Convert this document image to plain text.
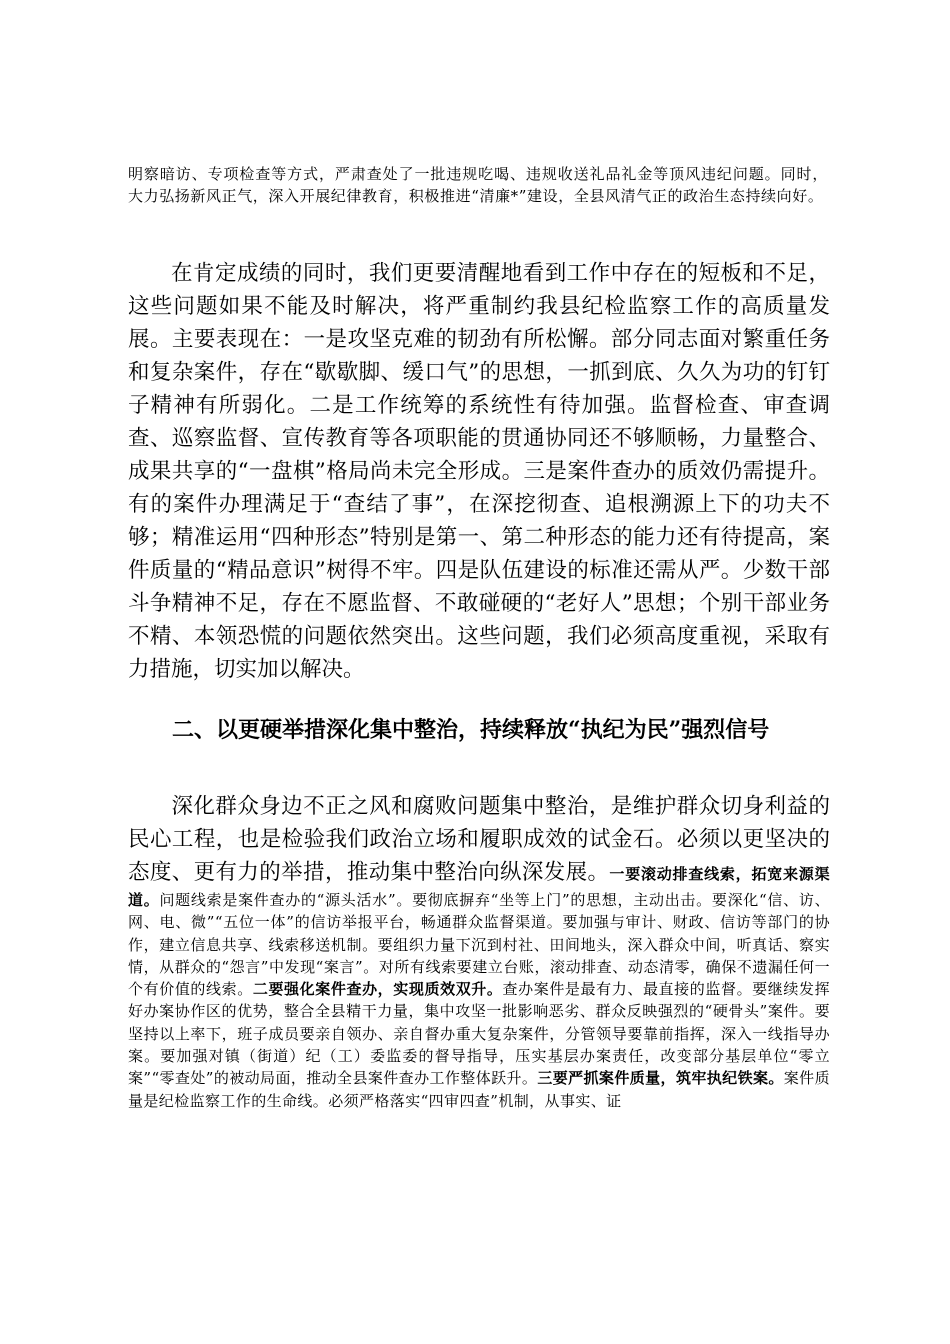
明察暗访、专项检查等方式，严肃查处了一批违规吃喝、违规收送礼品礼金等顶风违纪问题。同时，大力弘扬新风正气，深入开展纪律教育，积极推进“清廉*”建设，全县风清气正的政治生态持续向好。

在肯定成绩的同时，我们更要清醒地看到工作中存在的短板和不足，这些问题如果不能及时解决，将严重制约我县纪检监察工作的高质量发展。主要表现在：一是攻坚克难的韧劲有所松懈。部分同志面对繁重任务和复杂案件，存在“歇歇脚、缓口气”的思想，一抓到底、久久为功的钉钉子精神有所弱化。二是工作统筹的系统性有待加强。监督检查、审查调查、巡察监督、宣传教育等各项职能的贯通协同还不够顺畅，力量整合、成果共享的“一盘棋”格局尚未完全形成。三是案件查办的质效仍需提升。有的案件办理满足于“查结了事”，在深挖彻查、追根溯源上下的功夫不够；精准运用“四种形态”特别是第一、第二种形态的能力还有待提高，案件质量的“精品意识”树得不牢。四是队伍建设的标准还需从严。少数干部斗争精神不足，存在不愿监督、不敢碰硬的“老好人”思想；个别干部业务不精、本领恐慌的问题依然突出。这些问题，我们必须高度重视，采取有力措施，切实加以解决。

二、以更硬举措深化集中整治，持续释放“执纪为民”强烈信号

深化群众身边不正之风和腐败问题集中整治，是维护群众切身利益的民心工程，也是检验我们政治立场和履职成效的试金石。必须以更坚决的态度、更有力的举措，推动集中整治向纵深发展。一要滚动排查线索，拓宽来源渠道。问题线索是案件查办的“源头活水”。要彻底摒弃“坐等上门”的思想，主动出击。要深化“信、访、网、电、微”“五位一体”的信访举报平台，畅通群众监督渠道。要加强与审计、财政、信访等部门的协作，建立信息共享、线索移送机制。要组织力量下沉到村社、田间地头，深入群众中间，听真话、察实情，从群众的“怨言”中发现“案言”。对所有线索要建立台账，滚动排查、动态清零，确保不遗漏任何一个有价值的线索。二要强化案件查办，实现质效双升。查办案件是最有力、最直接的监督。要继续发挥好办案协作区的优势，整合全县精干力量，集中攻坚一批影响恶劣、群众反映强烈的“硬骨头”案件。要坚持以上率下，班子成员要亲自领办、亲自督办重大复杂案件，分管领导要靠前指挥，深入一线指导办案。要加强对镇（街道）纪（工）委监委的督导指导，压实基层办案责任，改变部分基层单位“零立案”“零查处”的被动局面，推动全县案件查办工作整体跃升。三要严抓案件质量，筑牢执纪铁案。案件质量是纪检监察工作的生命线。必须严格落实“四审四查”机制，从事实、证
